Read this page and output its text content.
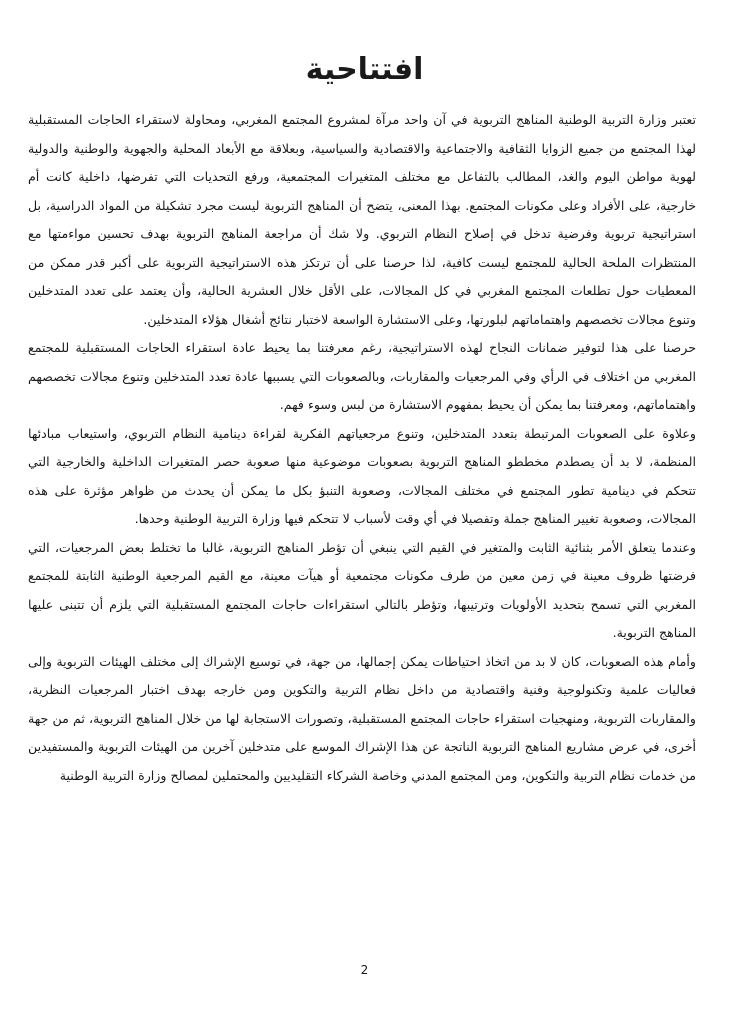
افتتاحية

تعتبر وزارة التربية الوطنية المناهج التربوية في آن واحد مرآة لمشروع المجتمع المغربي، ومحاولة لاستقراء الحاجات المستقبلية لهذا المجتمع من جميع الزوايا الثقافية والاجتماعية والاقتصادية والسياسية، وبعلاقة مع الأبعاد المحلية والجهوية والوطنية والدولية لهوية مواطن اليوم والغد، المطالب بالتفاعل مع مختلف المتغيرات المجتمعية، ورفع التحديات التي تفرضها، داخلية كانت أم خارجية، على الأفراد وعلى مكونات المجتمع. بهذا المعنى، يتضح أن المناهج التربوية ليست مجرد تشكيلة من المواد الدراسية، بل استراتيجية تربوية وفرضية تدخل في إصلاح النظام التربوي. ولا شك أن مراجعة المناهج التربوية بهدف تحسين مواءمتها مع المنتظرات الملحة الحالية للمجتمع ليست كافية، لذا حرصنا على أن ترتكز هذه الاستراتيجية التربوية على أكبر قدر ممكن من المعطيات حول تطلعات المجتمع المغربي في كل المجالات، على الأقل خلال العشرية الحالية، وأن يعتمد على تعدد المتدخلين وتنوع مجالات تخصصهم واهتماماتهم لبلورتها، وعلى الاستشارة الواسعة لاختبار نتائج أشغال هؤلاء المتدخلين.

حرصنا على هذا لتوفير ضمانات النجاح لهذه الاستراتيجية، رغم معرفتنا بما يحيط عادة استقراء الحاجات المستقبلية للمجتمع المغربي من اختلاف في الرأي وفي المرجعيات والمقاربات، وبالصعوبات التي يسببها عادة تعدد المتدخلين وتنوع مجالات تخصصهم واهتماماتهم، ومعرفتنا بما يمكن أن يحيط بمفهوم الاستشارة من لبس وسوء فهم.

وعلاوة على الصعوبات المرتبطة بتعدد المتدخلين، وتنوع مرجعياتهم الفكرية لقراءة دينامية النظام التربوي، واستيعاب مبادئها المنظمة، لا بد أن يصطدم مخططو المناهج التربوية بصعوبات موضوعية منها صعوبة حصر المتغيرات الداخلية والخارجية التي تتحكم في دينامية تطور المجتمع في مختلف المجالات، وصعوبة التنبؤ بكل ما يمكن أن يحدث من ظواهر مؤثرة على هذه المجالات، وصعوبة تغيير المناهج جملة وتفصيلا في أي وقت لأسباب لا تتحكم فيها وزارة التربية الوطنية وحدها.

وعندما يتعلق الأمر بثنائية الثابت والمتغير في القيم التي ينبغي أن تؤطر المناهج التربوية، غالبا ما تختلط بعض المرجعيات، التي فرضتها ظروف معينة في زمن معين من طرف مكونات مجتمعية أو هيآت معينة، مع القيم المرجعية الوطنية الثابتة للمجتمع المغربي التي تسمح بتحديد الأولويات وترتيبها، وتؤطر بالتالي استقراءات حاجات المجتمع المستقبلية التي يلزم أن تتبنى عليها المناهج التربوية.

وأمام هذه الصعوبات، كان لا بد من اتخاذ احتياطات يمكن إجمالها، من جهة، في توسيع الإشراك إلى مختلف الهيئات التربوية وإلى فعاليات علمية وتكنولوجية وفنية واقتصادية من داخل نظام التربية والتكوين ومن خارجه بهدف اختبار المرجعيات النظرية، والمقاربات التربوية، ومنهجيات استقراء حاجات المجتمع المستقبلية، وتصورات الاستجابة لها من خلال المناهج التربوية، ثم من جهة أخرى، في عرض مشاريع المناهج التربوية الناتجة عن هذا الإشراك الموسع على متدخلين آخرين من الهيئات التربوية والمستفيدين من خدمات نظام التربية والتكوين، ومن المجتمع المدني وخاصة الشركاء التقليديين والمحتملين لمصالح وزارة التربية الوطنية

2
